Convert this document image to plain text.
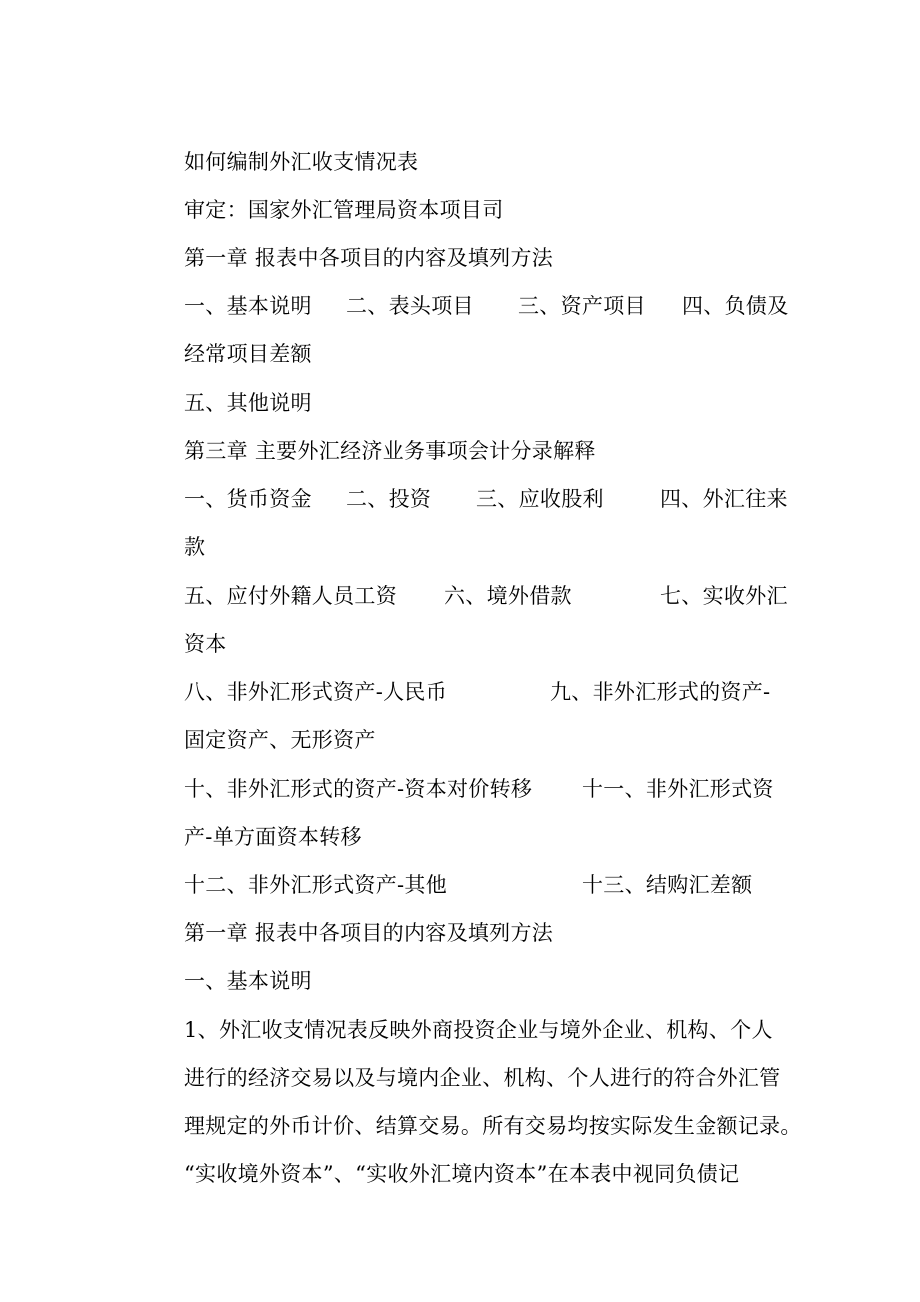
如何编制外汇收支情况表
审定：国家外汇管理局资本项目司
第一章 报表中各项目的内容及填列方法
一、基本说明 二、表头项目 三、资产项目 四、负债及
经常项目差额
五、其他说明
第三章 主要外汇经济业务事项会计分录解释
一、货币资金 二、投资 三、应收股利	四、外汇往来
款
五、应付外籍人员工资 六、境外借款	七、实收外汇
资本
八、非外汇形式资产-人民币	九、非外汇形式的资产-
固定资产、无形资产
十、非外汇形式的资产-资本对价转移 十一、非外汇形式资
产-单方面资本转移
十二、非外汇形式资产-其他	十三、结购汇差额
第一章 报表中各项目的内容及填列方法
一、基本说明
1、外汇收支情况表反映外商投资企业与境外企业、机构、个人
进行的经济交易以及与境内企业、机构、个人进行的符合外汇管
理规定的外币计价、结算交易。所有交易均按实际发生金额记录。
“实收境外资本”、“实收外汇境内资本”在本表中视同负债记
